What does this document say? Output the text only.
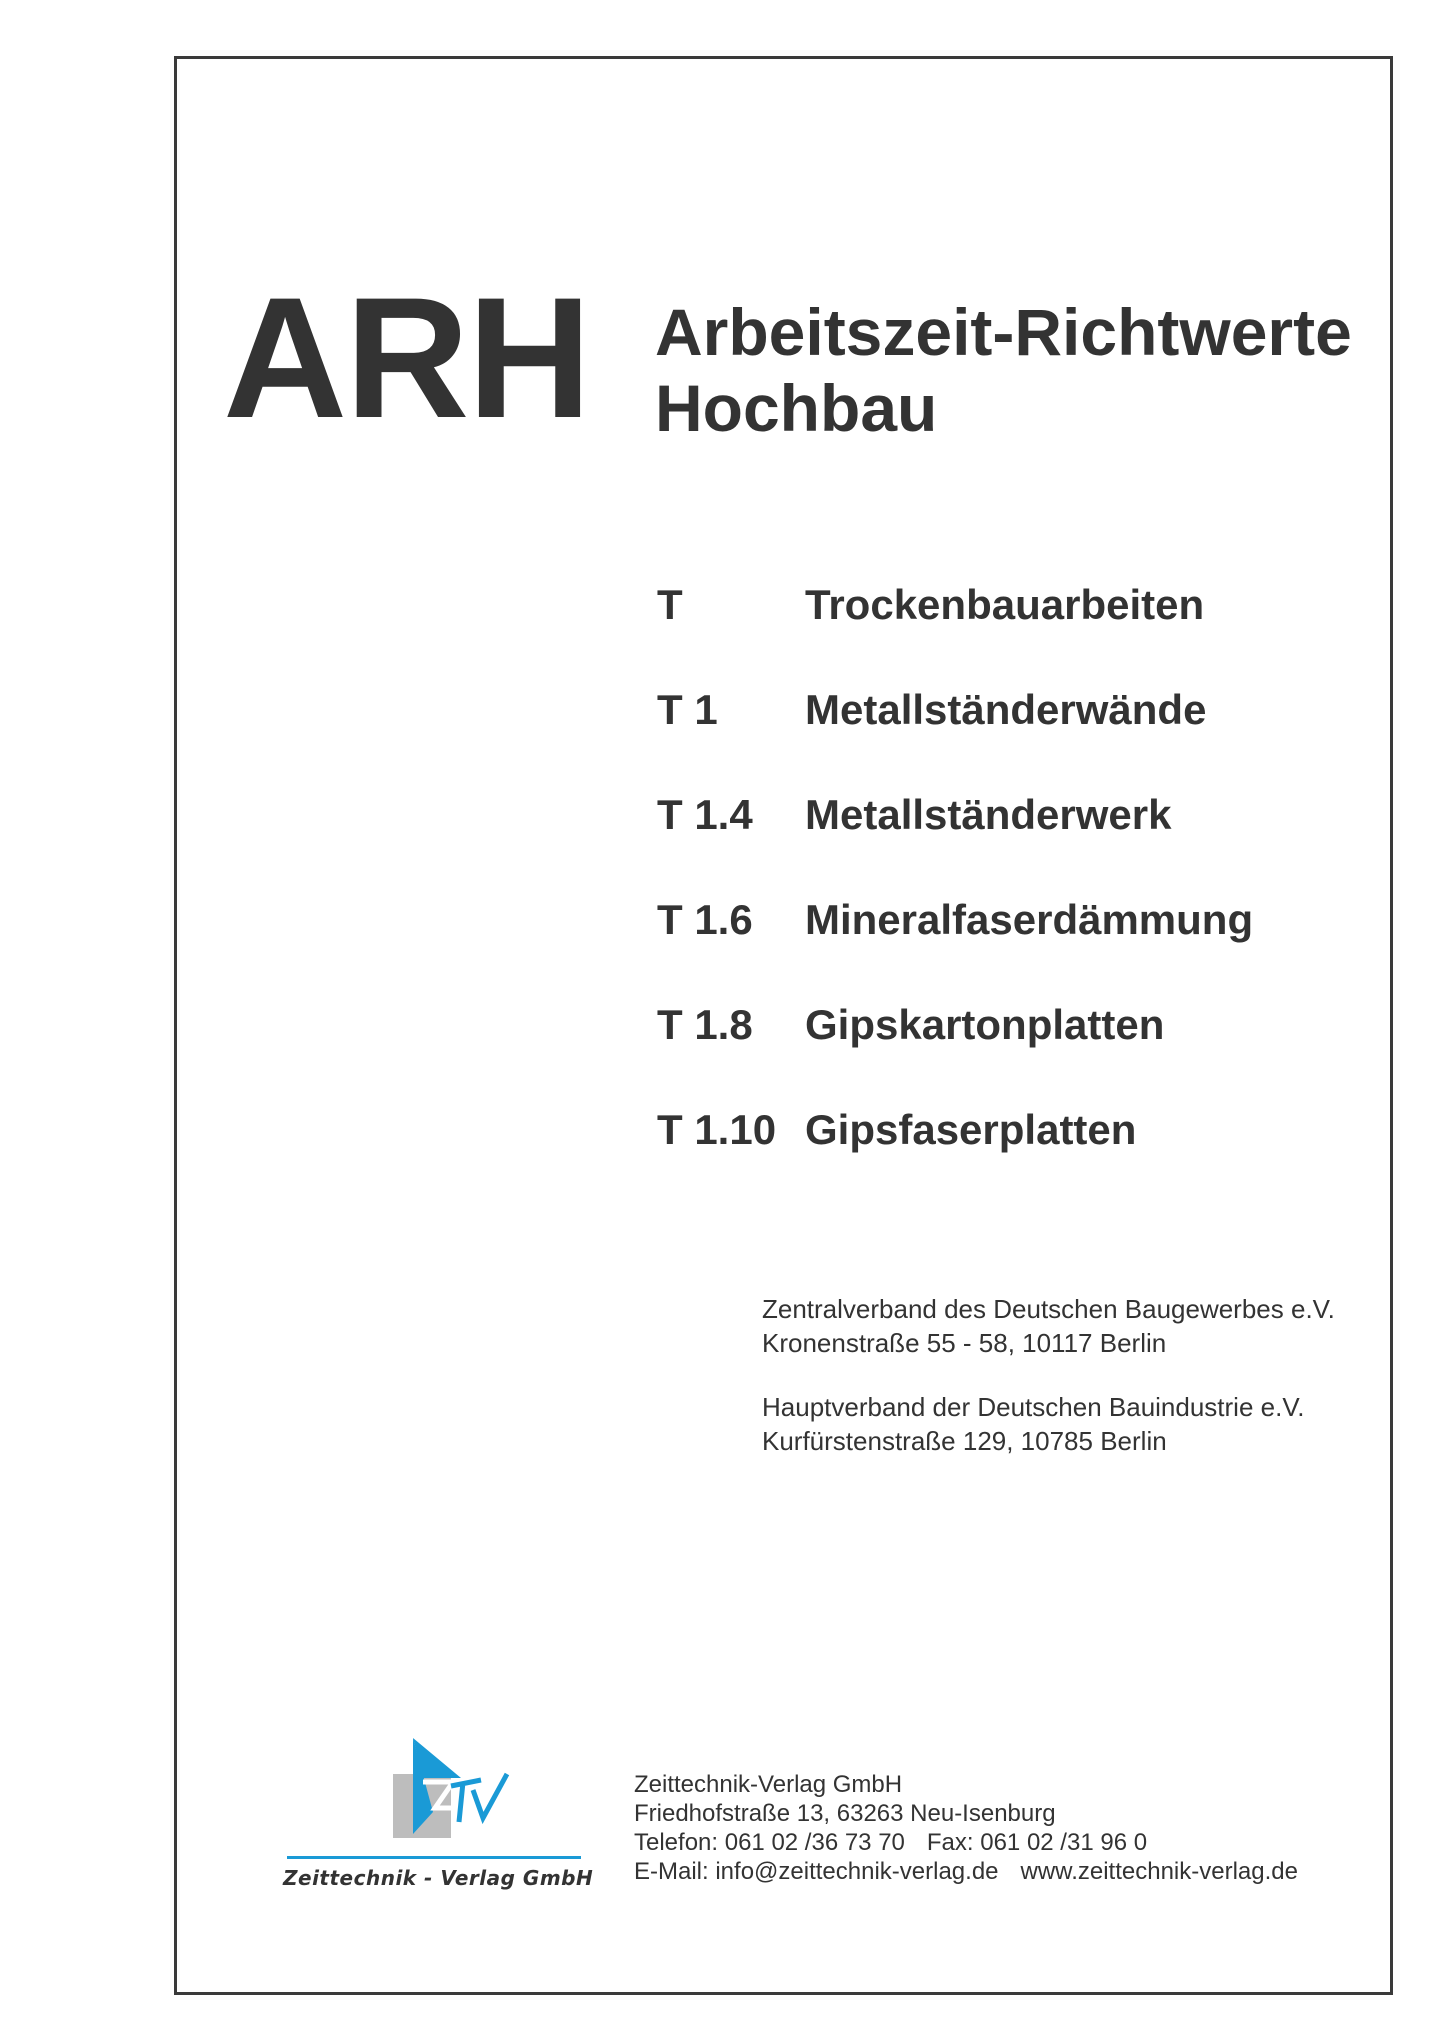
ARH Arbeitszeit-Richtwerte
Hochbau
T	Trockenbauarbeiten
T 1 Metallständerwände
T 1.4 Metallständerwerk
T 1.6 Mineralfaserdämmung
T 1.8 Gipskartonplatten
T 1.10 Gipsfaserplatten
Zentralverband des Deutschen Baugewerbes e.V.
Kronenstraße 55 - 58, 10117 Berlin
Hauptverband der Deutschen Bauindustrie e.V.
Kurfürstenstraße 129, 10785 Berlin
Zeittechnik - Verlag GmbH
Zeittechnik-Verlag GmbH
Friedhofstraße 13, 63263 Neu-Isenburg
Telefon: 061 02 /36 73 70 Fax: 061 02 /31 96 0
E-Mail: info@zeittechnik-verlag.de www.zeittechnik-verlag.de
